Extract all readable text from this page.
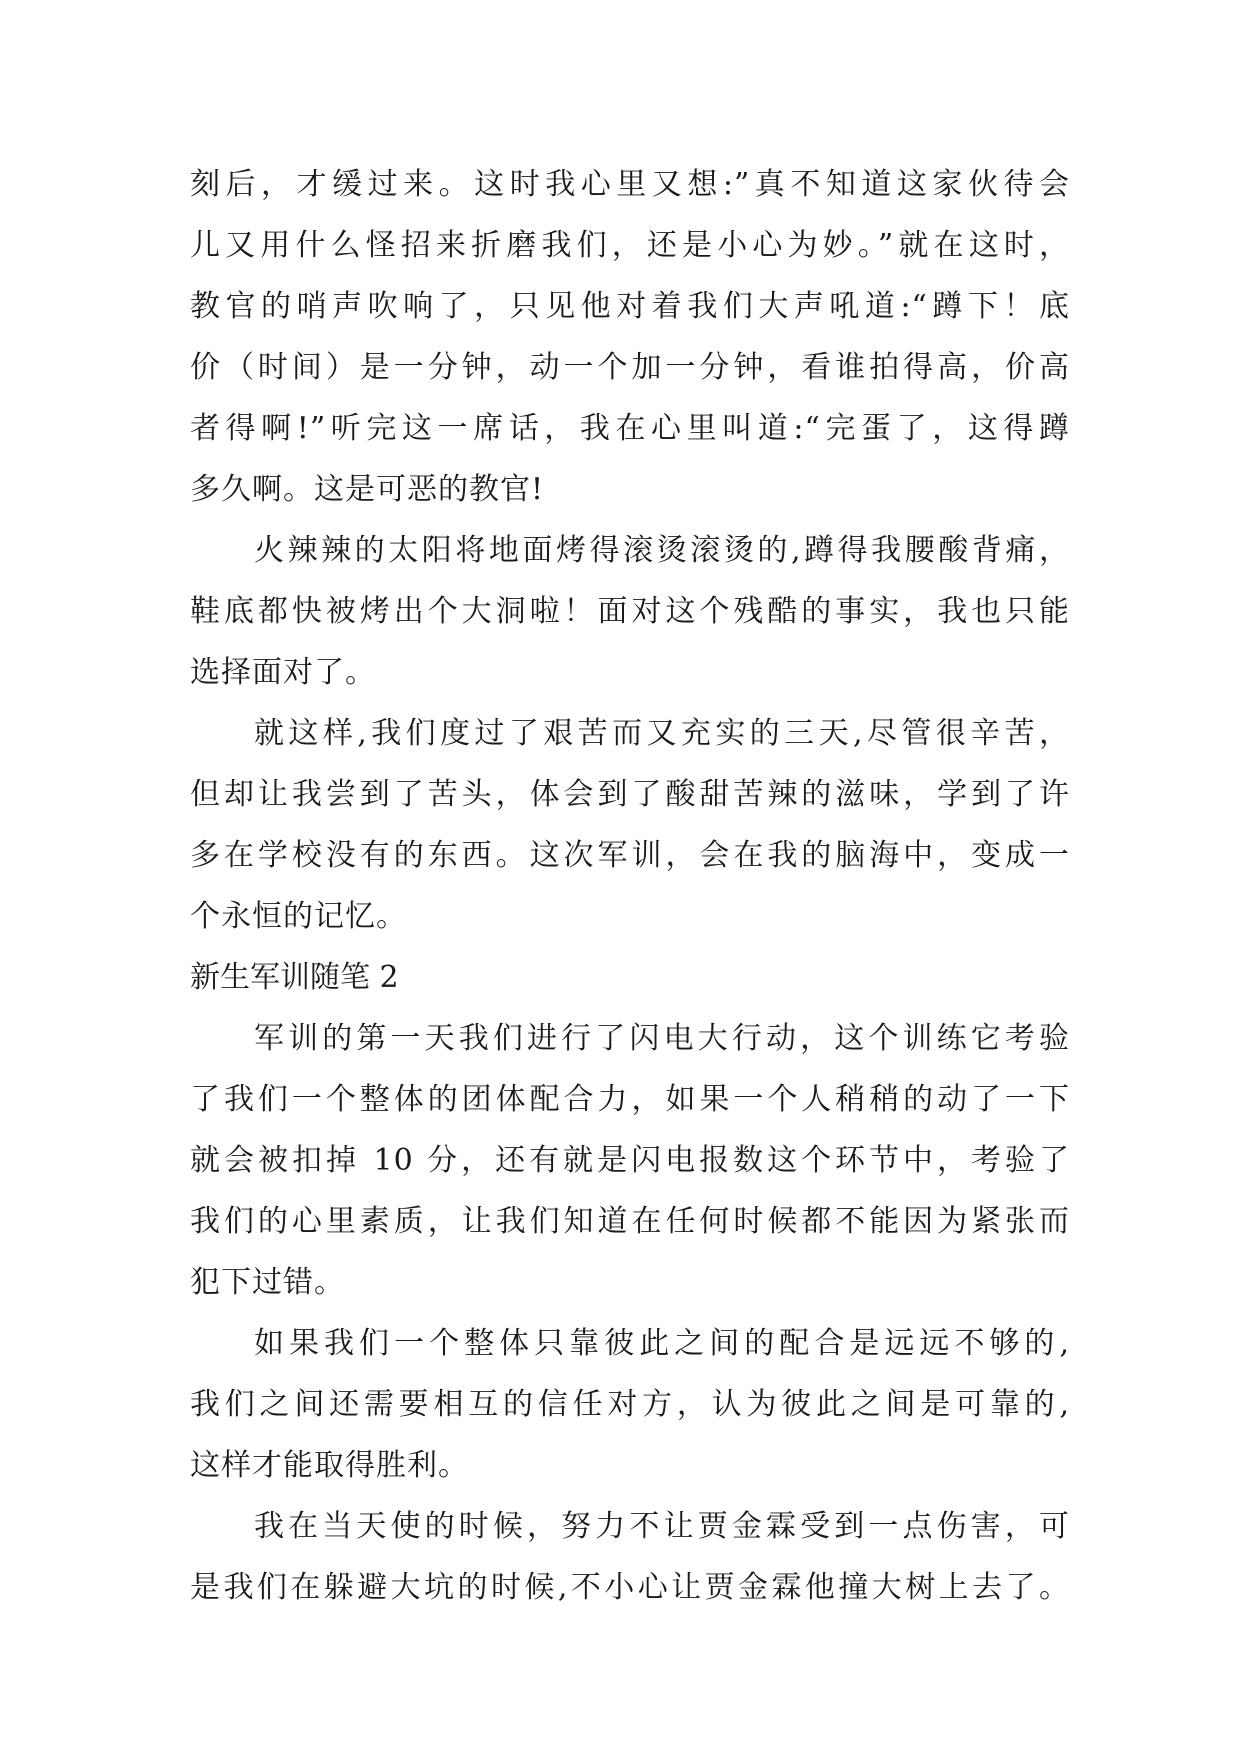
刻后，才缓过来。这时我心里又想:”真不知道这家伙待会
儿又用什么怪招来折磨我们，还是小心为妙。”就在这时，
教官的哨声吹响了，只见他对着我们大声吼道:“蹲下！底
价（时间）是一分钟，动一个加一分钟，看谁拍得高，价高
者得啊!”听完这一席话，我在心里叫道:“完蛋了，这得蹲
多久啊。这是可恶的教官!
火辣辣的太阳将地面烤得滚烫滚烫的,蹲得我腰酸背痛，
鞋底都快被烤出个大洞啦！面对这个残酷的事实，我也只能
选择面对了。
就这样,我们度过了艰苦而又充实的三天,尽管很辛苦，
但却让我尝到了苦头，体会到了酸甜苦辣的滋味，学到了许
多在学校没有的东西。这次军训，会在我的脑海中，变成一
个永恒的记忆。
新生军训随笔 2
军训的第一天我们进行了闪电大行动，这个训练它考验
了我们一个整体的团体配合力，如果一个人稍稍的动了一下
就会被扣掉 10 分，还有就是闪电报数这个环节中，考验了
我们的心里素质，让我们知道在任何时候都不能因为紧张而
犯下过错。
如果我们一个整体只靠彼此之间的配合是远远不够的,
我们之间还需要相互的信任对方，认为彼此之间是可靠的,
这样才能取得胜利。
我在当天使的时候，努力不让贾金霖受到一点伤害，可
是我们在躲避大坑的时候,不小心让贾金霖他撞大树上去了。
